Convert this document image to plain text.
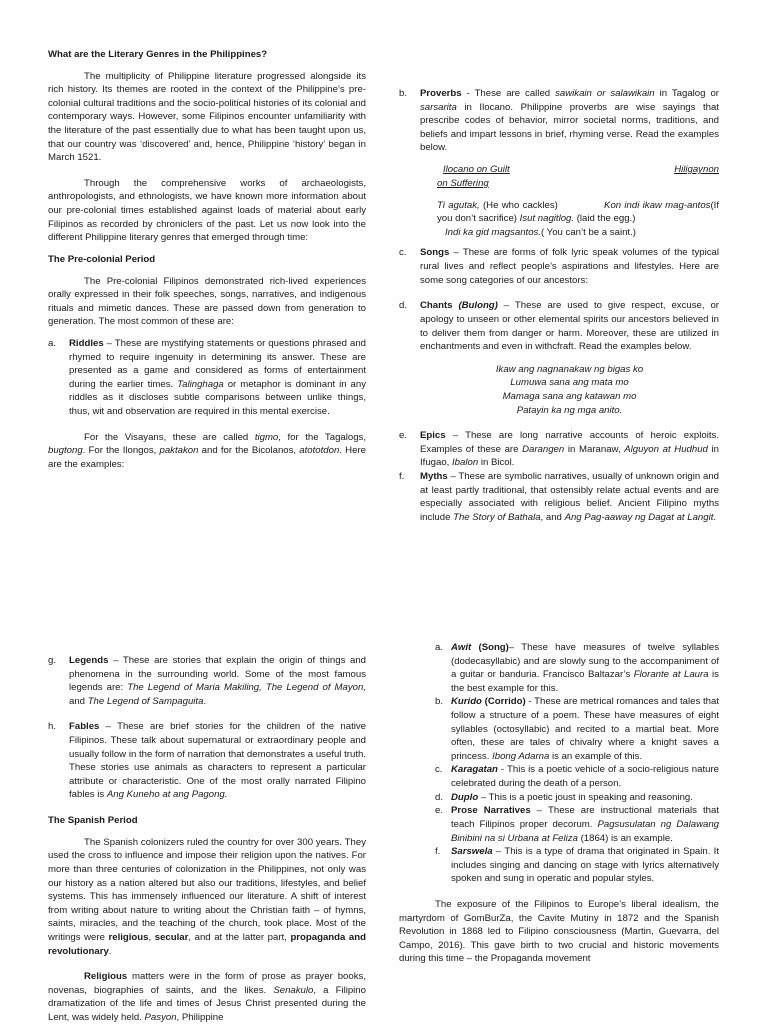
What are the Literary Genres in the Philippines?

The multiplicity of Philippine literature progressed alongside its rich history. Its themes are rooted in the context of the Philippine’s pre-colonial cultural traditions and the socio-political histories of its colonial and contemporary ways. However, some Filipinos encounter unfamiliarity with the literature of the past essentially due to what has been taught upon us, that our country was ‘discovered’ and, hence, Philippine ‘history’ began in March 1521.

Through the comprehensive works of archaeologists, anthropologists, and ethnologists, we have known more information about our pre-colonial times established against loads of material about early Filipinos as recorded by chroniclers of the past. Let us now look into the different Philippine literary genres that emerged through time:

The Pre-colonial Period

The Pre-colonial Filipinos demonstrated rich-lived experiences orally expressed in their folk speeches, songs, narratives, and indigenous rituals and mimetic dances. These are passed down from generation to generation. The most common of these are:

a. Riddles – These are mystifying statements or questions phrased and rhymed to require ingenuity in determining its answer. These are presented as a game and considered as forms of entertainment during the earlier times. Talinghaga or metaphor is dominant in any riddles as it discloses subtle comparisons between unlike things, thus, wit and observation are required in this mental exercise.

For the Visayans, these are called tigmo, for the Tagalogs, bugtong. For the Ilongos, paktakon and for the Bicolanos, atototdon. Here are the examples:

b. Proverbs - These are called sawikain or salawikain in Tagalog or sarsarita in Ilocano. Philippine proverbs are wise sayings that prescribe codes of behavior, mirror societal norms, traditions, and beliefs and impart lessons in brief, rhyming verse. Read the examples below.
Ilocano on Guilt	Hiligaynon
on Suffering

Ti agutak, (He who cackles)	Kon indi ikaw mag-antos(If you don’t sacrifice) Isut nagitlog. (laid the egg.)

Indi ka gid magsantos.( You can’t be a saint.)
c. Songs – These are forms of folk lyric speak volumes of the typical rural lives and reflect people’s aspirations and lifestyles. Here are some song categories of our ancestors:
d. Chants (Bulong) – These are used to give respect, excuse, or apology to unseen or other elemental spirits our ancestors believed in to deliver them from danger or harm. Moreover, these are utilized in enchantments and even in withcfraft. Read the examples below.
Ikaw ang nagnanakaw ng bigas ko
Lumuwa sana ang mata mo
Mamaga sana ang katawan mo
Patayin ka ng mga anito.
e. Epics – These are long narrative accounts of heroic exploits. Examples of these are Darangen in Maranaw, Alguyon at Hudhud in Ifugao, Ibalon in Bicol.
f. Myths – These are symbolic narratives, usually of unknown origin and at least partly traditional, that ostensibly relate actual events and are especially associated with religious belief. Ancient Filipino myths include The Story of Bathala, and Ang Pag-aaway ng Dagat at Langit.
g. Legends – These are stories that explain the origin of things and phenomena in the surrounding world. Some of the most famous legends are: The Legend of Maria Makiling, The Legend of Mayon, and The Legend of Sampaguita.
h. Fables – These are brief stories for the children of the native Filipinos. These talk about supernatural or extraordinary people and usually follow in the form of narration that demonstrates a useful truth. These stories use animals as characters to represent a particular attribute or characteristic. One of the most orally narrated Filipino fables is Ang Kuneho at ang Pagong.
The Spanish Period

The Spanish colonizers ruled the country for over 300 years. They used the cross to influence and impose their religion upon the natives. For more than three centuries of colonization in the Philippines, not only was our history as a nation altered but also our traditions, lifestyles, and belief systems. This has immensely influenced our literature. A shift of interest from writing about nature to writing about the Christian faith – of hymns, saints, miracles, and the teaching of the church, took place. Most of the writings were religious, secular, and at the latter part, propaganda and revolutionary.

Religious matters were in the form of prose as prayer books, novenas, biographies of saints, and the likes. Senakulo, a Filipino dramatization of the life and times of Jesus Christ presented during the Lent, was widely held. Pasyon, Philippine

a. Awit (Song)– These have measures of twelve syllables (dodecasyllabic) and are slowly sung to the accompaniment of a guitar or banduria. Francisco Baltazar’s Florante at Laura is the best example for this.
b. Kurido (Corrido) - These are metrical romances and tales that follow a structure of a poem. These have measures of eight syllables (octosyllabic) and recited to a martial beat. More often, these are tales of chivalry where a knight saves a princess. Ibong Adarna is an example of this.
c. Karagatan - This is a poetic vehicle of a socio-religious nature celebrated during the death of a person.
d. Duplo – This is a poetic joust in speaking and reasoning.
e. Prose Narratives – These are instructional materials that teach Filipinos proper decorum. Pagsusulatan ng Dalawang Binibini na si Urbana at Feliza (1864) is an example.
f. Sarswela – This is a type of drama that originated in Spain. It includes singing and dancing on stage with lyrics alternatively spoken and sung in operatic and popular styles.

The exposure of the Filipinos to Europe’s liberal idealism, the martyrdom of GomBurZa, the Cavite Mutiny in 1872 and the Spanish Revolution in 1868 led to Filipino consciousness (Martin, Guevarra, del Campo, 2016). This gave birth to two crucial and historic movements during this time – the Propaganda movement
